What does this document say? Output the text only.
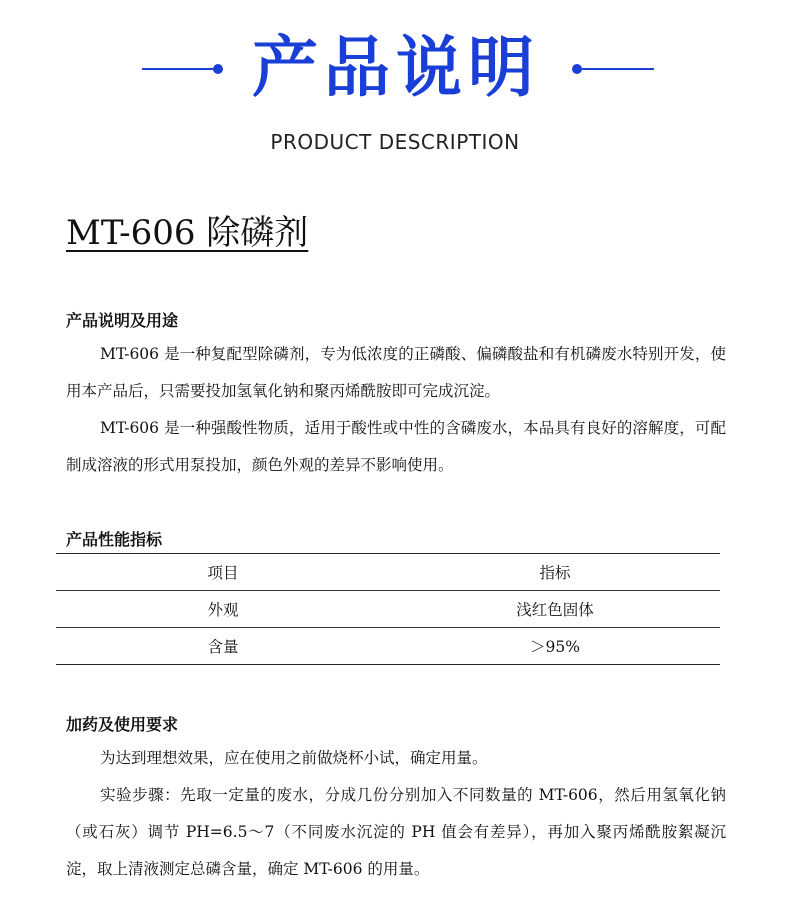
产品说明
PRODUCT DESCRIPTION
MT-606 除磷剂
产品说明及用途

MT-606 是一种复配型除磷剂，专为低浓度的正磷酸、偏磷酸盐和有机磷废水特别开发，使用本产品后，只需要投加氢氧化钠和聚丙烯酰胺即可完成沉淀。

MT-606 是一种强酸性物质，适用于酸性或中性的含磷废水，本品具有良好的溶解度，可配制成溶液的形式用泵投加，颜色外观的差异不影响使用。

产品性能指标
项目	指标
外观	浅红色固体
含量	＞95%
加药及使用要求

为达到理想效果，应在使用之前做烧杯小试，确定用量。

实验步骤：先取一定量的废水，分成几份分别加入不同数量的 MT-606，然后用氢氧化钠（或石灰）调节 PH=6.5～7（不同废水沉淀的 PH 值会有差异），再加入聚丙烯酰胺絮凝沉淀，取上清液测定总磷含量，确定 MT-606 的用量。
